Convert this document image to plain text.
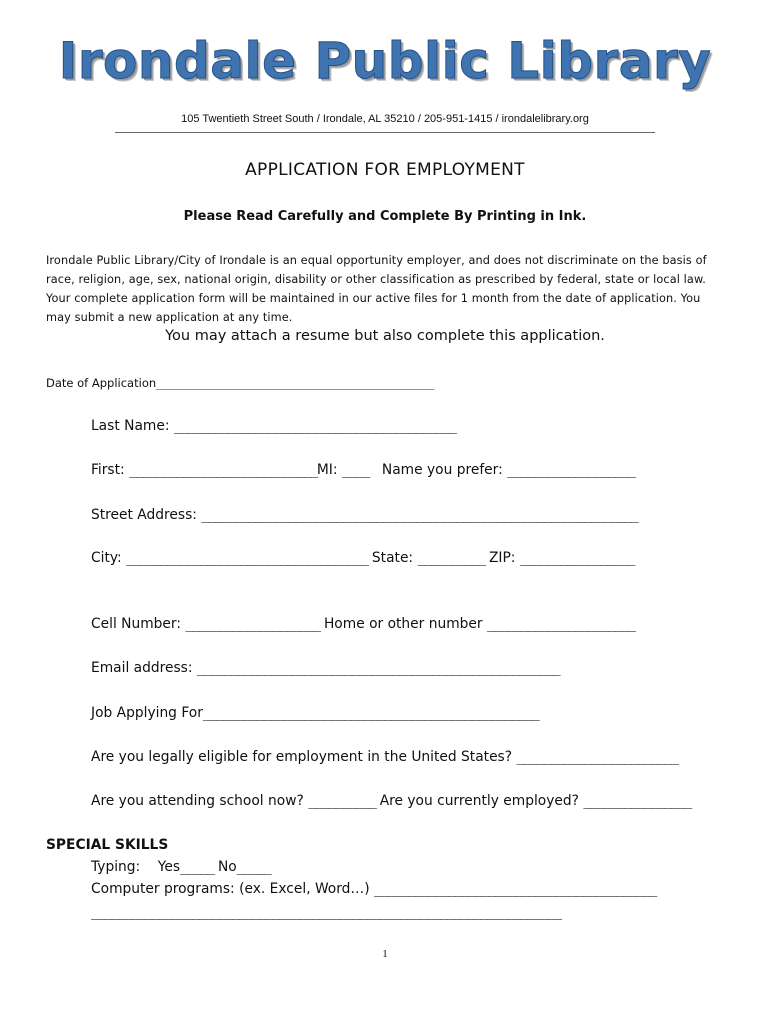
Irondale Public Library
105 Twentieth Street South / Irondale, AL 35210 / 205-951-1415 / irondalelibrary.org
APPLICATION FOR EMPLOYMENT
Please Read Carefully and Complete By Printing in Ink.
Irondale Public Library/City of Irondale is an equal opportunity employer, and does not discriminate on the basis of race, religion, age, sex, national origin, disability or other classification as prescribed by federal, state or local law. Your complete application form will be maintained in our active files for 1 month from the date of application. You may submit a new application at any time.
You may attach a resume but also complete this application.
Date of Application____________________________________________________
Last Name: __________________________________________
First: ____________________________MI: ____ Name you prefer: ___________________
Street Address: _________________________________________________________________
City: ____________________________________ State: __________ ZIP: _________________
Cell Number: ____________________ Home or other number ______________________
Email address: ______________________________________________________
Job Applying For__________________________________________________
Are you legally eligible for employment in the United States? ________________________
Are you attending school now? __________ Are you currently employed? ________________
SPECIAL SKILLS
Typing: Yes_____ No_____
Computer programs: (ex. Excel, Word…) __________________________________________
______________________________________________________________________
1
